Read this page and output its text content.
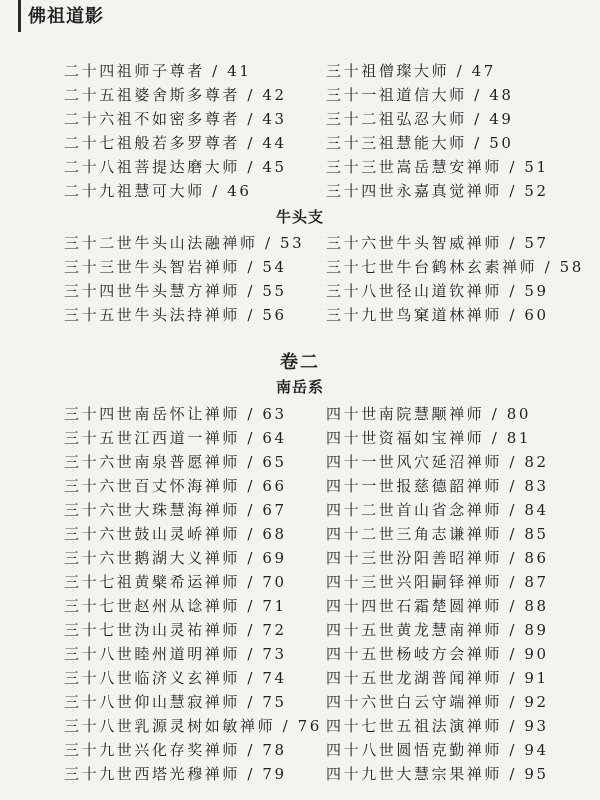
佛祖道影
二十四祖师子尊者 / 41
二十五祖婆舍斯多尊者 / 42
二十六祖不如密多尊者 / 43
二十七祖般若多罗尊者 / 44
二十八祖菩提达磨大师 / 45
二十九祖慧可大师 / 46
三十祖僧璨大师 / 47
三十一祖道信大师 / 48
三十二祖弘忍大师 / 49
三十三祖慧能大师 / 50
三十三世嵩岳慧安禅师 / 51
三十四世永嘉真觉禅师 / 52
牛头支
三十二世牛头山法融禅师 / 53
三十三世牛头智岩禅师 / 54
三十四世牛头慧方禅师 / 55
三十五世牛头法持禅师 / 56
三十六世牛头智威禅师 / 57
三十七世牛台鹤林玄素禅师 / 58
三十八世径山道钦禅师 / 59
三十九世鸟窠道林禅师 / 60
卷二
南岳系
三十四世南岳怀让禅师 / 63
三十五世江西道一禅师 / 64
三十六世南泉普愿禅师 / 65
三十六世百丈怀海禅师 / 66
三十六世大珠慧海禅师 / 67
三十六世鼓山灵峤禅师 / 68
三十六世鹅湖大义禅师 / 69
三十七祖黄檗希运禅师 / 70
三十七世赵州从谂禅师 / 71
三十七世沩山灵祐禅师 / 72
三十八世睦州道明禅师 / 73
三十八世临济义玄禅师 / 74
三十八世仰山慧寂禅师 / 75
三十八世乳源灵树如敏禅师 / 76
三十九世兴化存奖禅师 / 78
三十九世西塔光穆禅师 / 79
四十世南院慧颙禅师 / 80
四十世资福如宝禅师 / 81
四十一世风穴延沼禅师 / 82
四十一世报慈德韶禅师 / 83
四十二世首山省念禅师 / 84
四十二世三角志谦禅师 / 85
四十三世汾阳善昭禅师 / 86
四十三世兴阳嗣铎禅师 / 87
四十四世石霜楚圆禅师 / 88
四十五世黄龙慧南禅师 / 89
四十五世杨岐方会禅师 / 90
四十五世龙湖普闻禅师 / 91
四十六世白云守端禅师 / 92
四十七世五祖法演禅师 / 93
四十八世圆悟克勤禅师 / 94
四十九世大慧宗果禅师 / 95
